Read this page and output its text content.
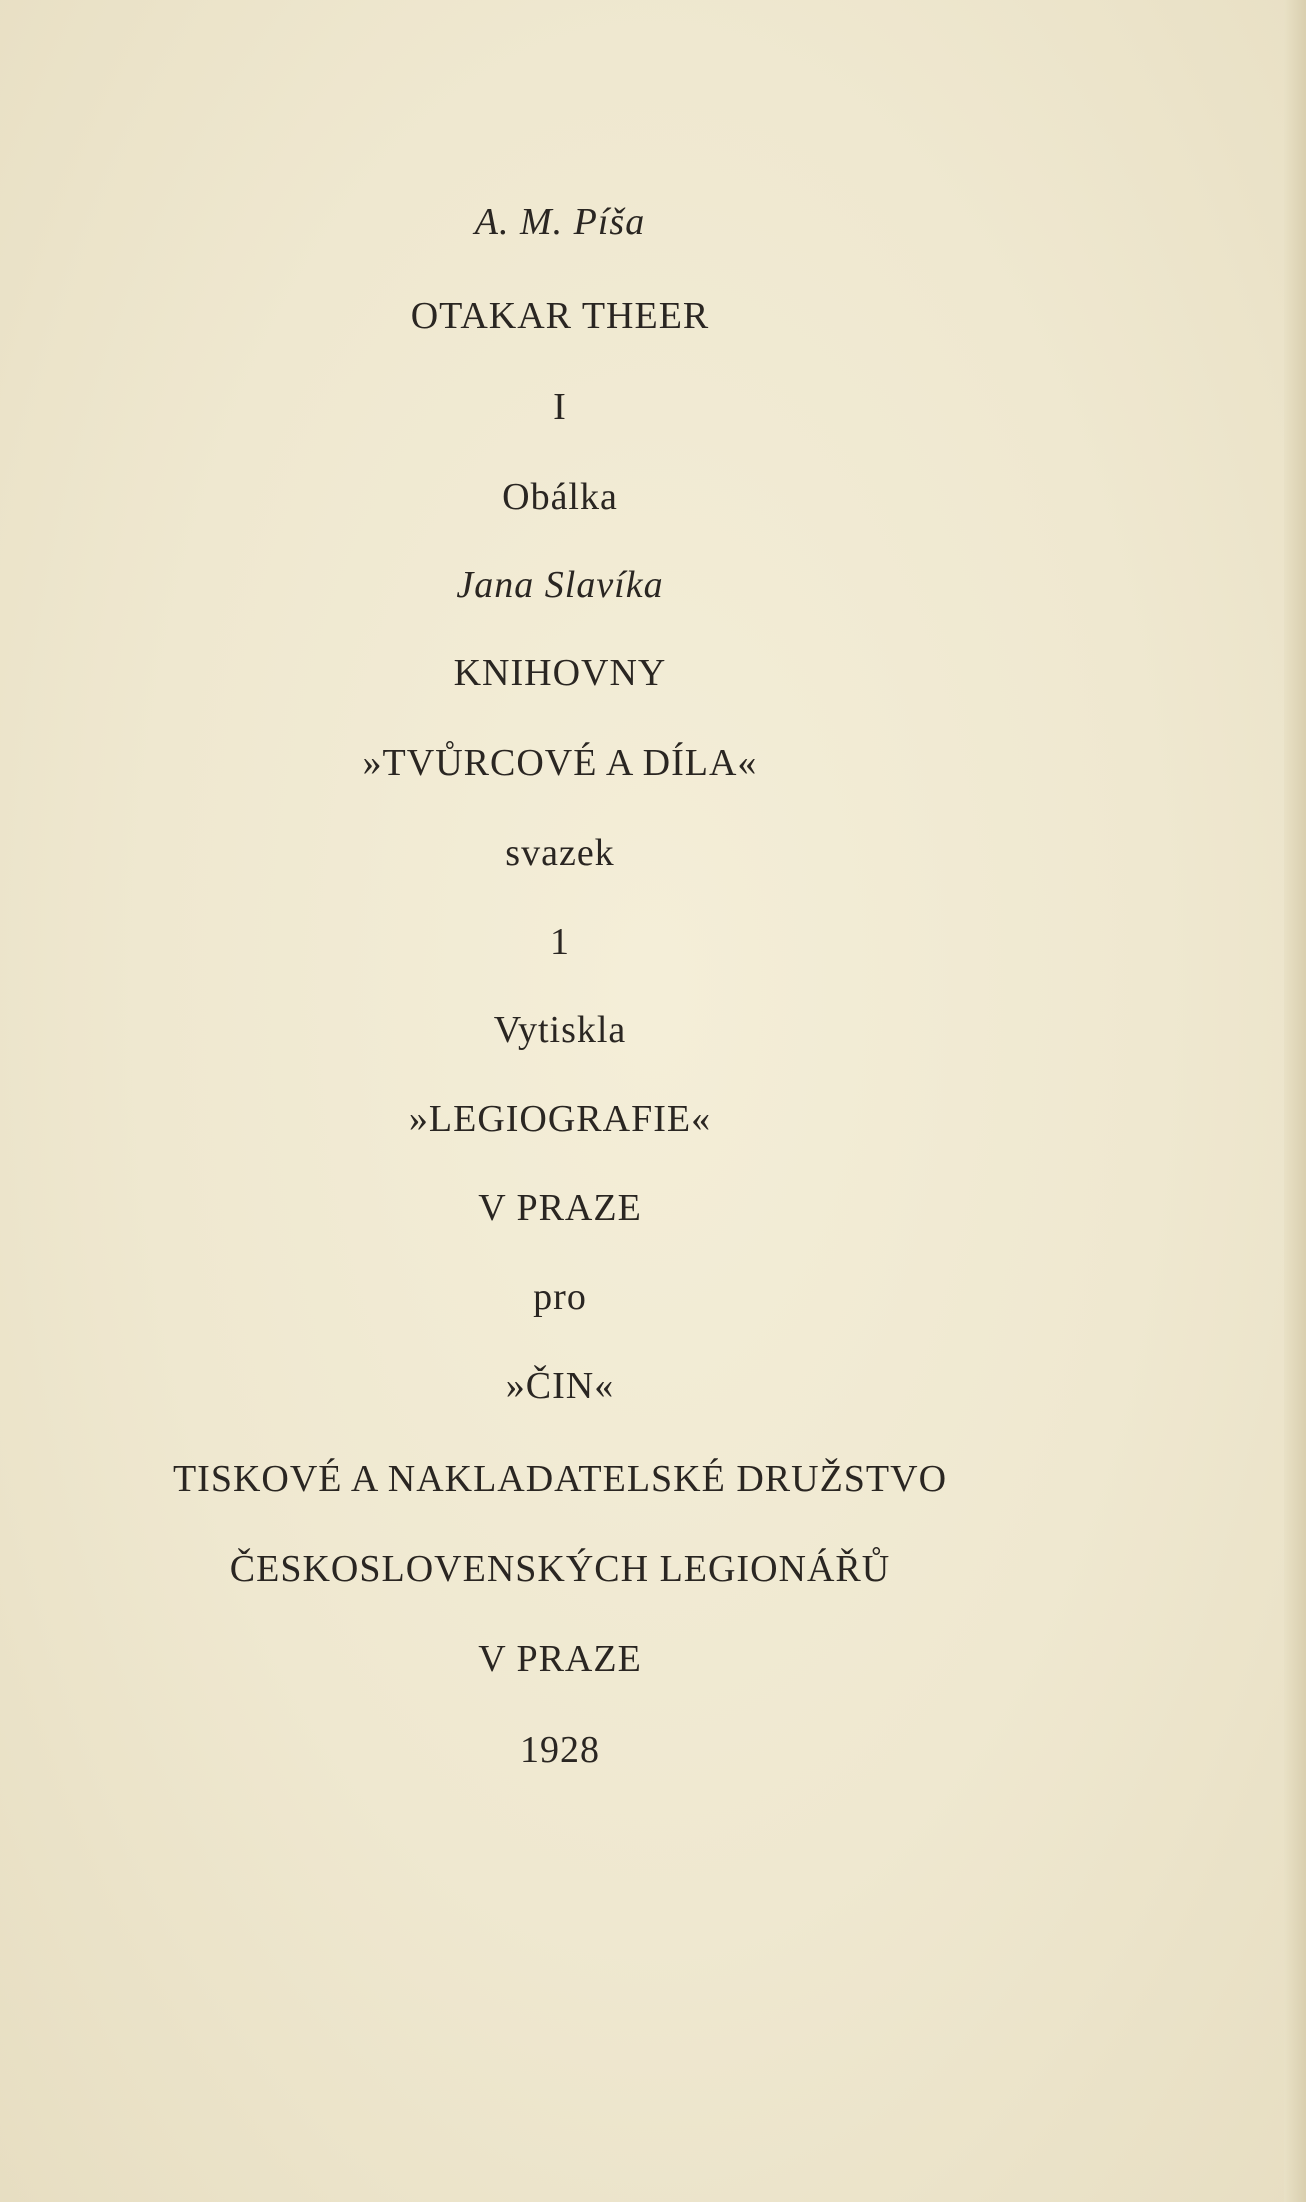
A. M. Píša
OTAKAR THEER
I
Obálka
Jana Slavíka
KNIHOVNY
»TVŮRCOVÉ A DÍLA«
svazek
1
Vytiskla
»LEGIOGRAFIE«
V PRAZE
pro
»ČIN«
TISKOVÉ A NAKLADATELSKÉ DRUŽSTVO
ČESKOSLOVENSKÝCH LEGIONÁŘŮ
V PRAZE
1928
